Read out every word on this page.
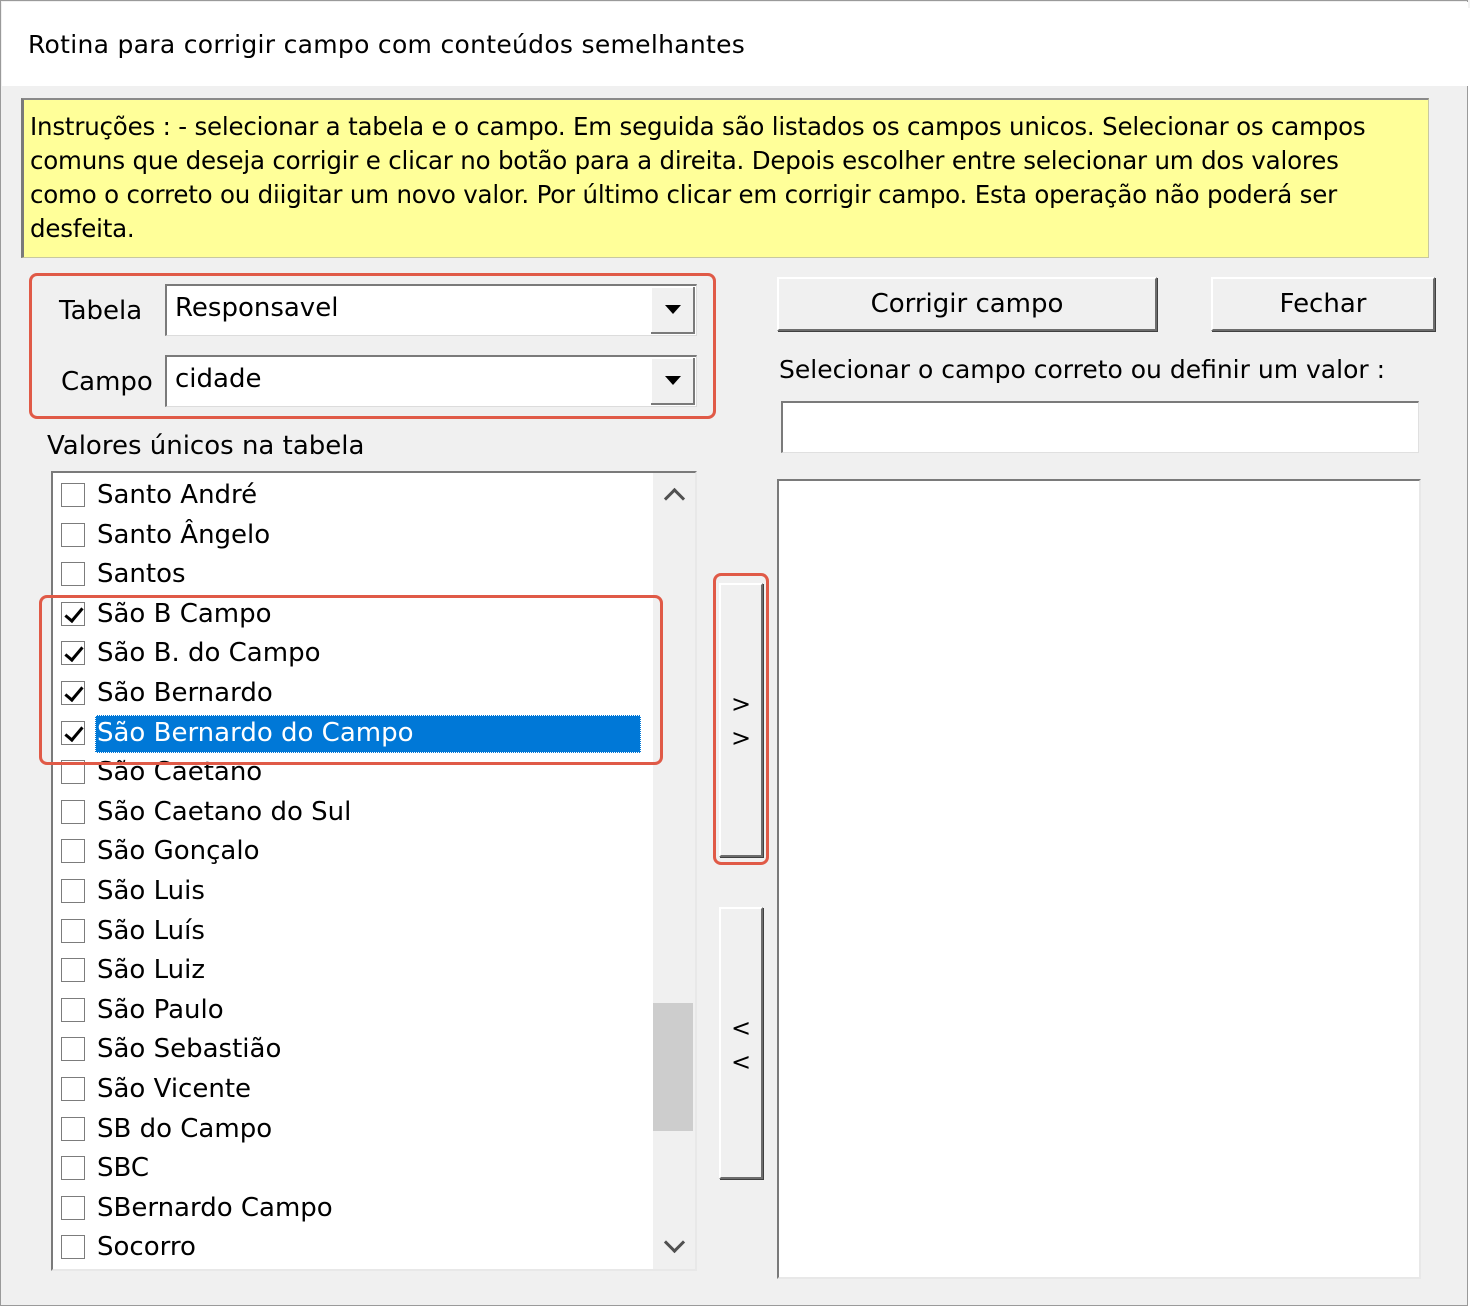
Rotina para corrigir campo com conteúdos semelhantes
Instruções : - selecionar a tabela e o campo. Em seguida são listados os campos unicos. Selecionar os campos
comuns que deseja corrigir e clicar no botão para a direita. Depois escolher entre selecionar um dos valores
como o correto ou diigitar um novo valor. Por último clicar em corrigir campo. Esta operação não poderá ser
desfeita.
Tabela Responsavel
Campo cidade
Corrigir campo	Fechar
Selecionar o campo correto ou definir um valor :
Valores únicos na tabela
Santo André
Santo Ângelo
Santos
São B Campo
São B. do Campo
São Bernardo
São Bernardo do Campo
São Caetano
São Caetano do Sul
São Gonçalo
São Luis
São Luís
São Luiz
São Paulo
São Sebastião
São Vicente
SB do Campo
SBC
SBernardo Campo
Socorro
>
>
<
<
